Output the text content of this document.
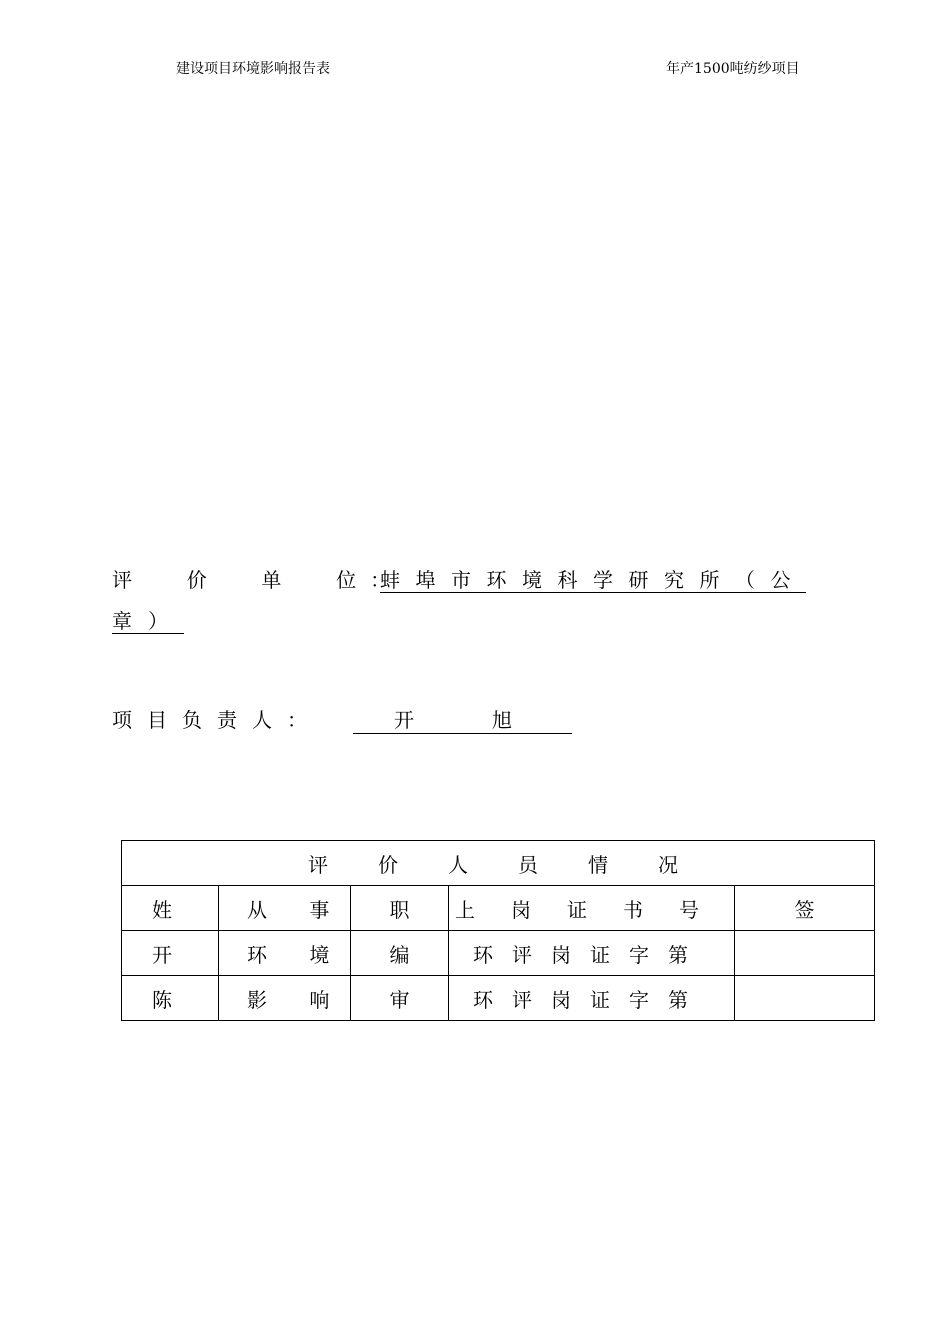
建设项目环境影响报告表	年产1500吨纺纱项目
评  价  单  位：蚌埠市环境科学研究所（公
章）
项目负责人：	开	旭
评价人员情况				
姓	从 事	职	上岗证书号	签
开	环 境	编	环评岗证字第	
陈	影 响	审	环评岗证字第	
